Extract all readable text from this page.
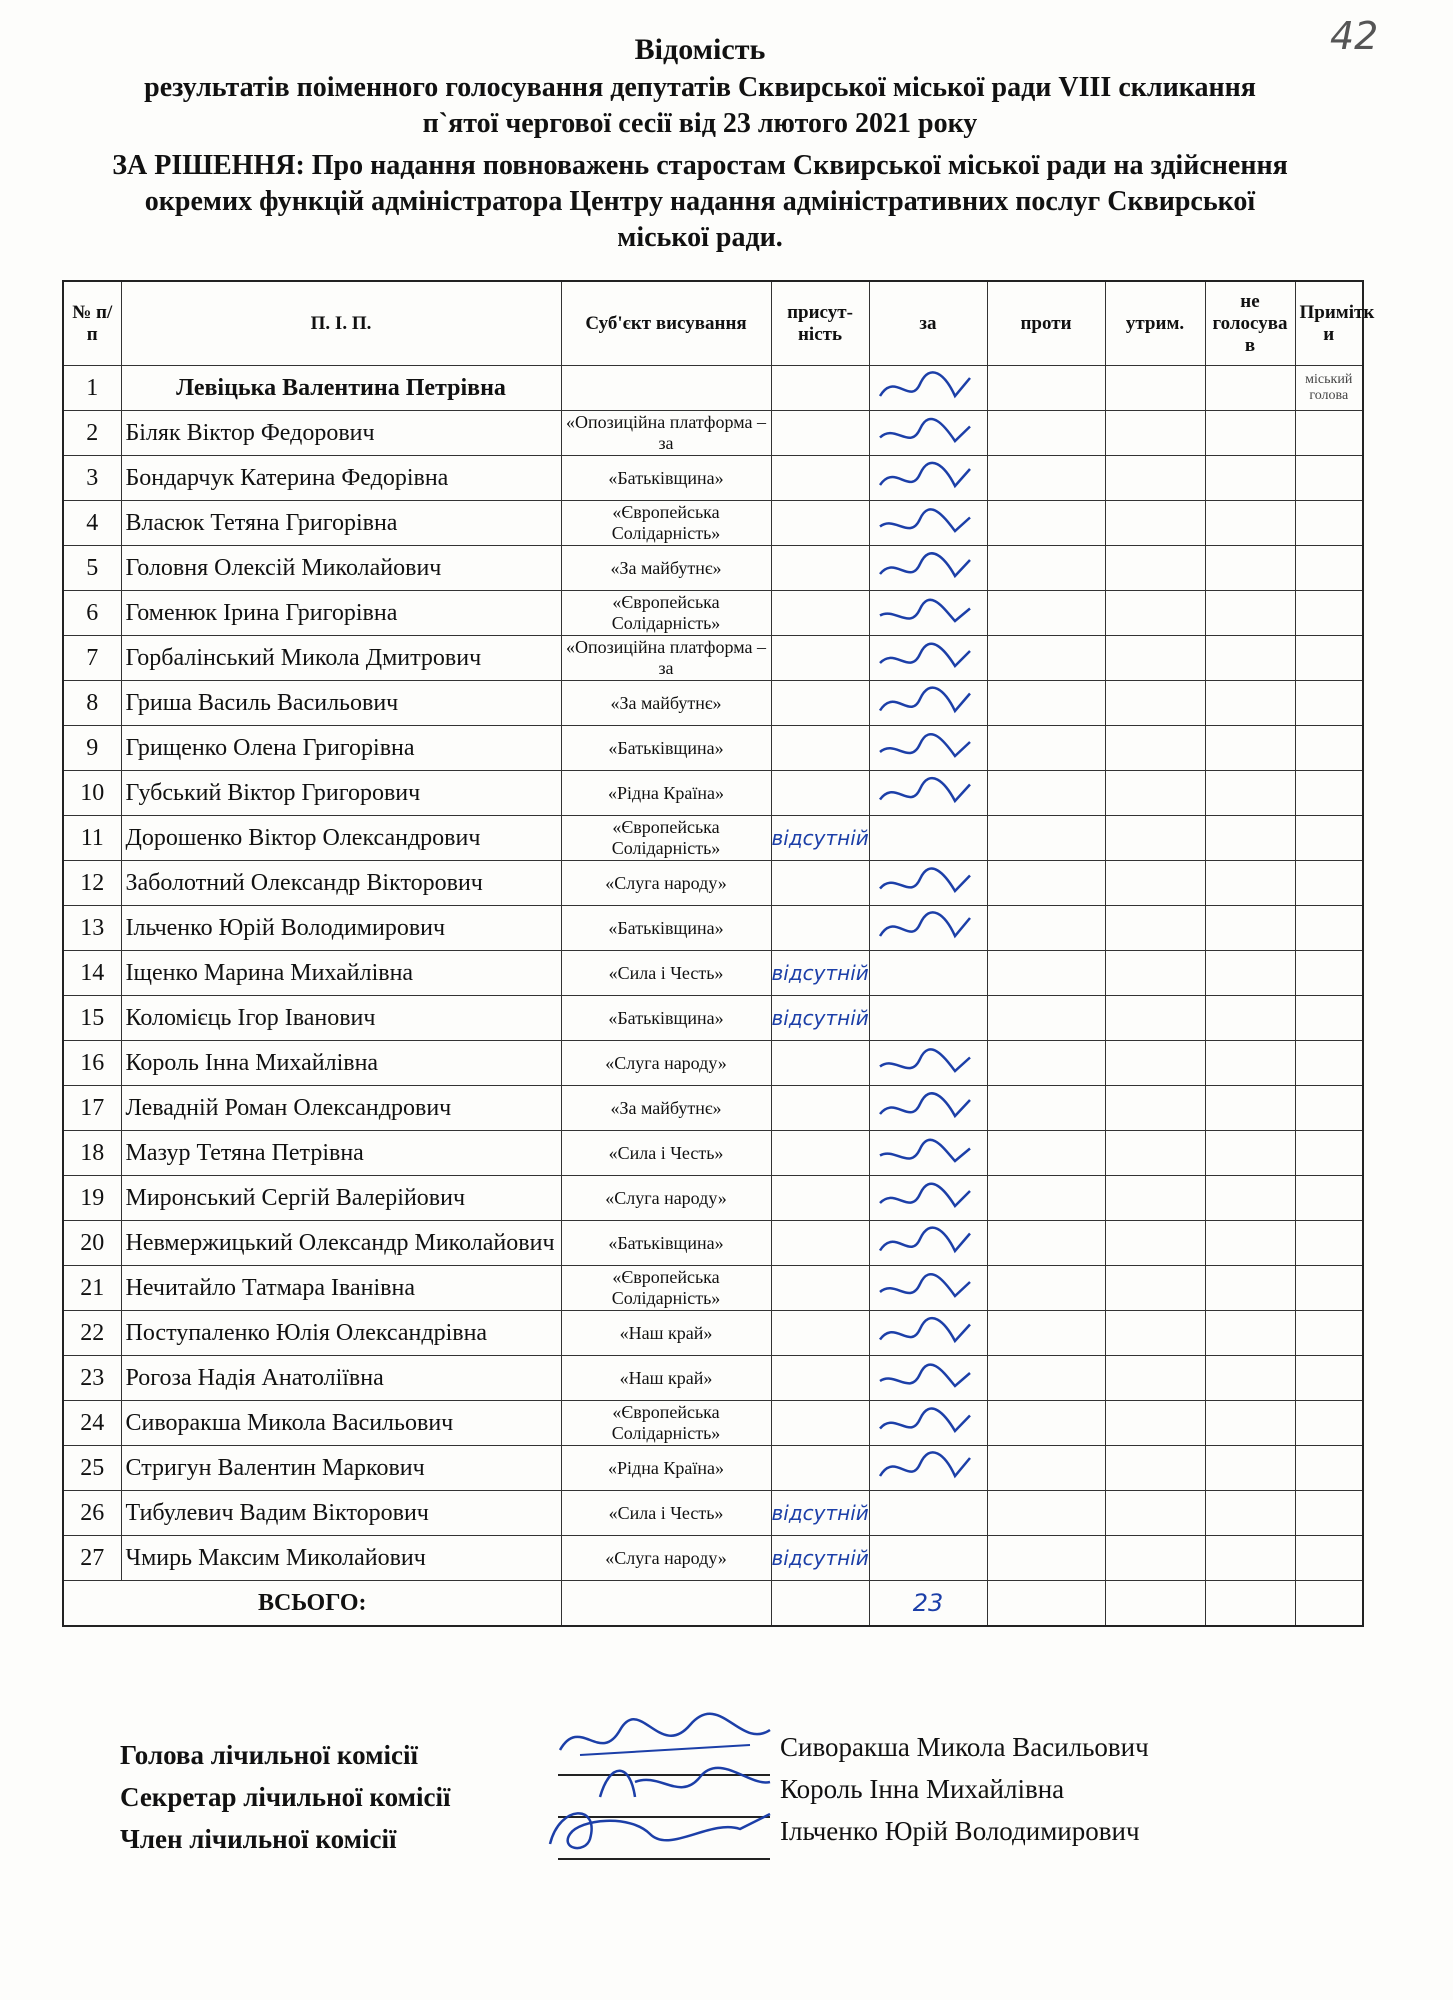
42
Відомість
результатів поіменного голосування депутатів Сквирської міської ради VIII скликання
п`ятої чергової сесії від 23 лютого 2021 року
ЗА РІШЕННЯ: Про надання повноважень старостам Сквирської міської ради на здійснення
окремих функцій адміністратора Центру надання адміністративних послуг Сквирської
міської ради.
№ п/п	П. І. П.	Суб'єкт висування	присут-ність	за	проти	утрим.	не голосува в	Примітк и
1	Левіцька Валентина Петрівна							міський голова
2	Біляк Віктор Федорович	«Опозиційна платформа – за		

3	Бондарчук Катерина Федорівна	«Батьківщина»		

4	Власюк Тетяна Григорівна	«Європейська Солідарність»		

5	Головня Олексій Миколайович	«За майбутнє»		

6	Гоменюк Ірина Григорівна	«Європейська Солідарність»		

7	Горбалінський Микола Дмитрович	«Опозиційна платформа – за		

8	Гриша Василь Васильович	«За майбутнє»		

9	Грищенко Олена Григорівна	«Батьківщина»		

10	Губський Віктор Григорович	«Рідна Країна»		

11	Дорошенко Віктор Олександрович	«Європейська Солідарність»	відсутній					
12	Заболотний Олександр Вікторович	«Слуга народу»		

13	Ільченко Юрій Володимирович	«Батьківщина»		

14	Іщенко Марина Михайлівна	«Сила і Честь»	відсутній					
15	Коломієць Ігор Іванович	«Батьківщина»	відсутній					
16	Король Інна Михайлівна	«Слуга народу»		

17	Левадній Роман Олександрович	«За майбутнє»		

18	Мазур Тетяна Петрівна	«Сила і Честь»		

19	Миронський Сергій Валерійович	«Слуга народу»		

20	Невмержицький Олександр Миколайович	«Батьківщина»		

21	Нечитайло Татмара Іванівна	«Європейська Солідарність»		

22	Поступаленко Юлія Олександрівна	«Наш край»		

23	Рогоза Надія Анатоліївна	«Наш край»		

24	Сиворакша Микола Васильович	«Європейська Солідарність»		

25	Стригун Валентин Маркович	«Рідна Країна»		

26	Тибулевич Вадим Вікторович	«Сила і Честь»	відсутній					
27	Чмирь Максим Миколайович	«Слуга народу»	відсутній					
ВСЬОГО:				23				
Голова лічильної комісії	Сиворакша Микола Васильович
Секретар лічильної комісії	Король Інна Михайлівна
Член лічильної комісії	Ільченко Юрій Володимирович
